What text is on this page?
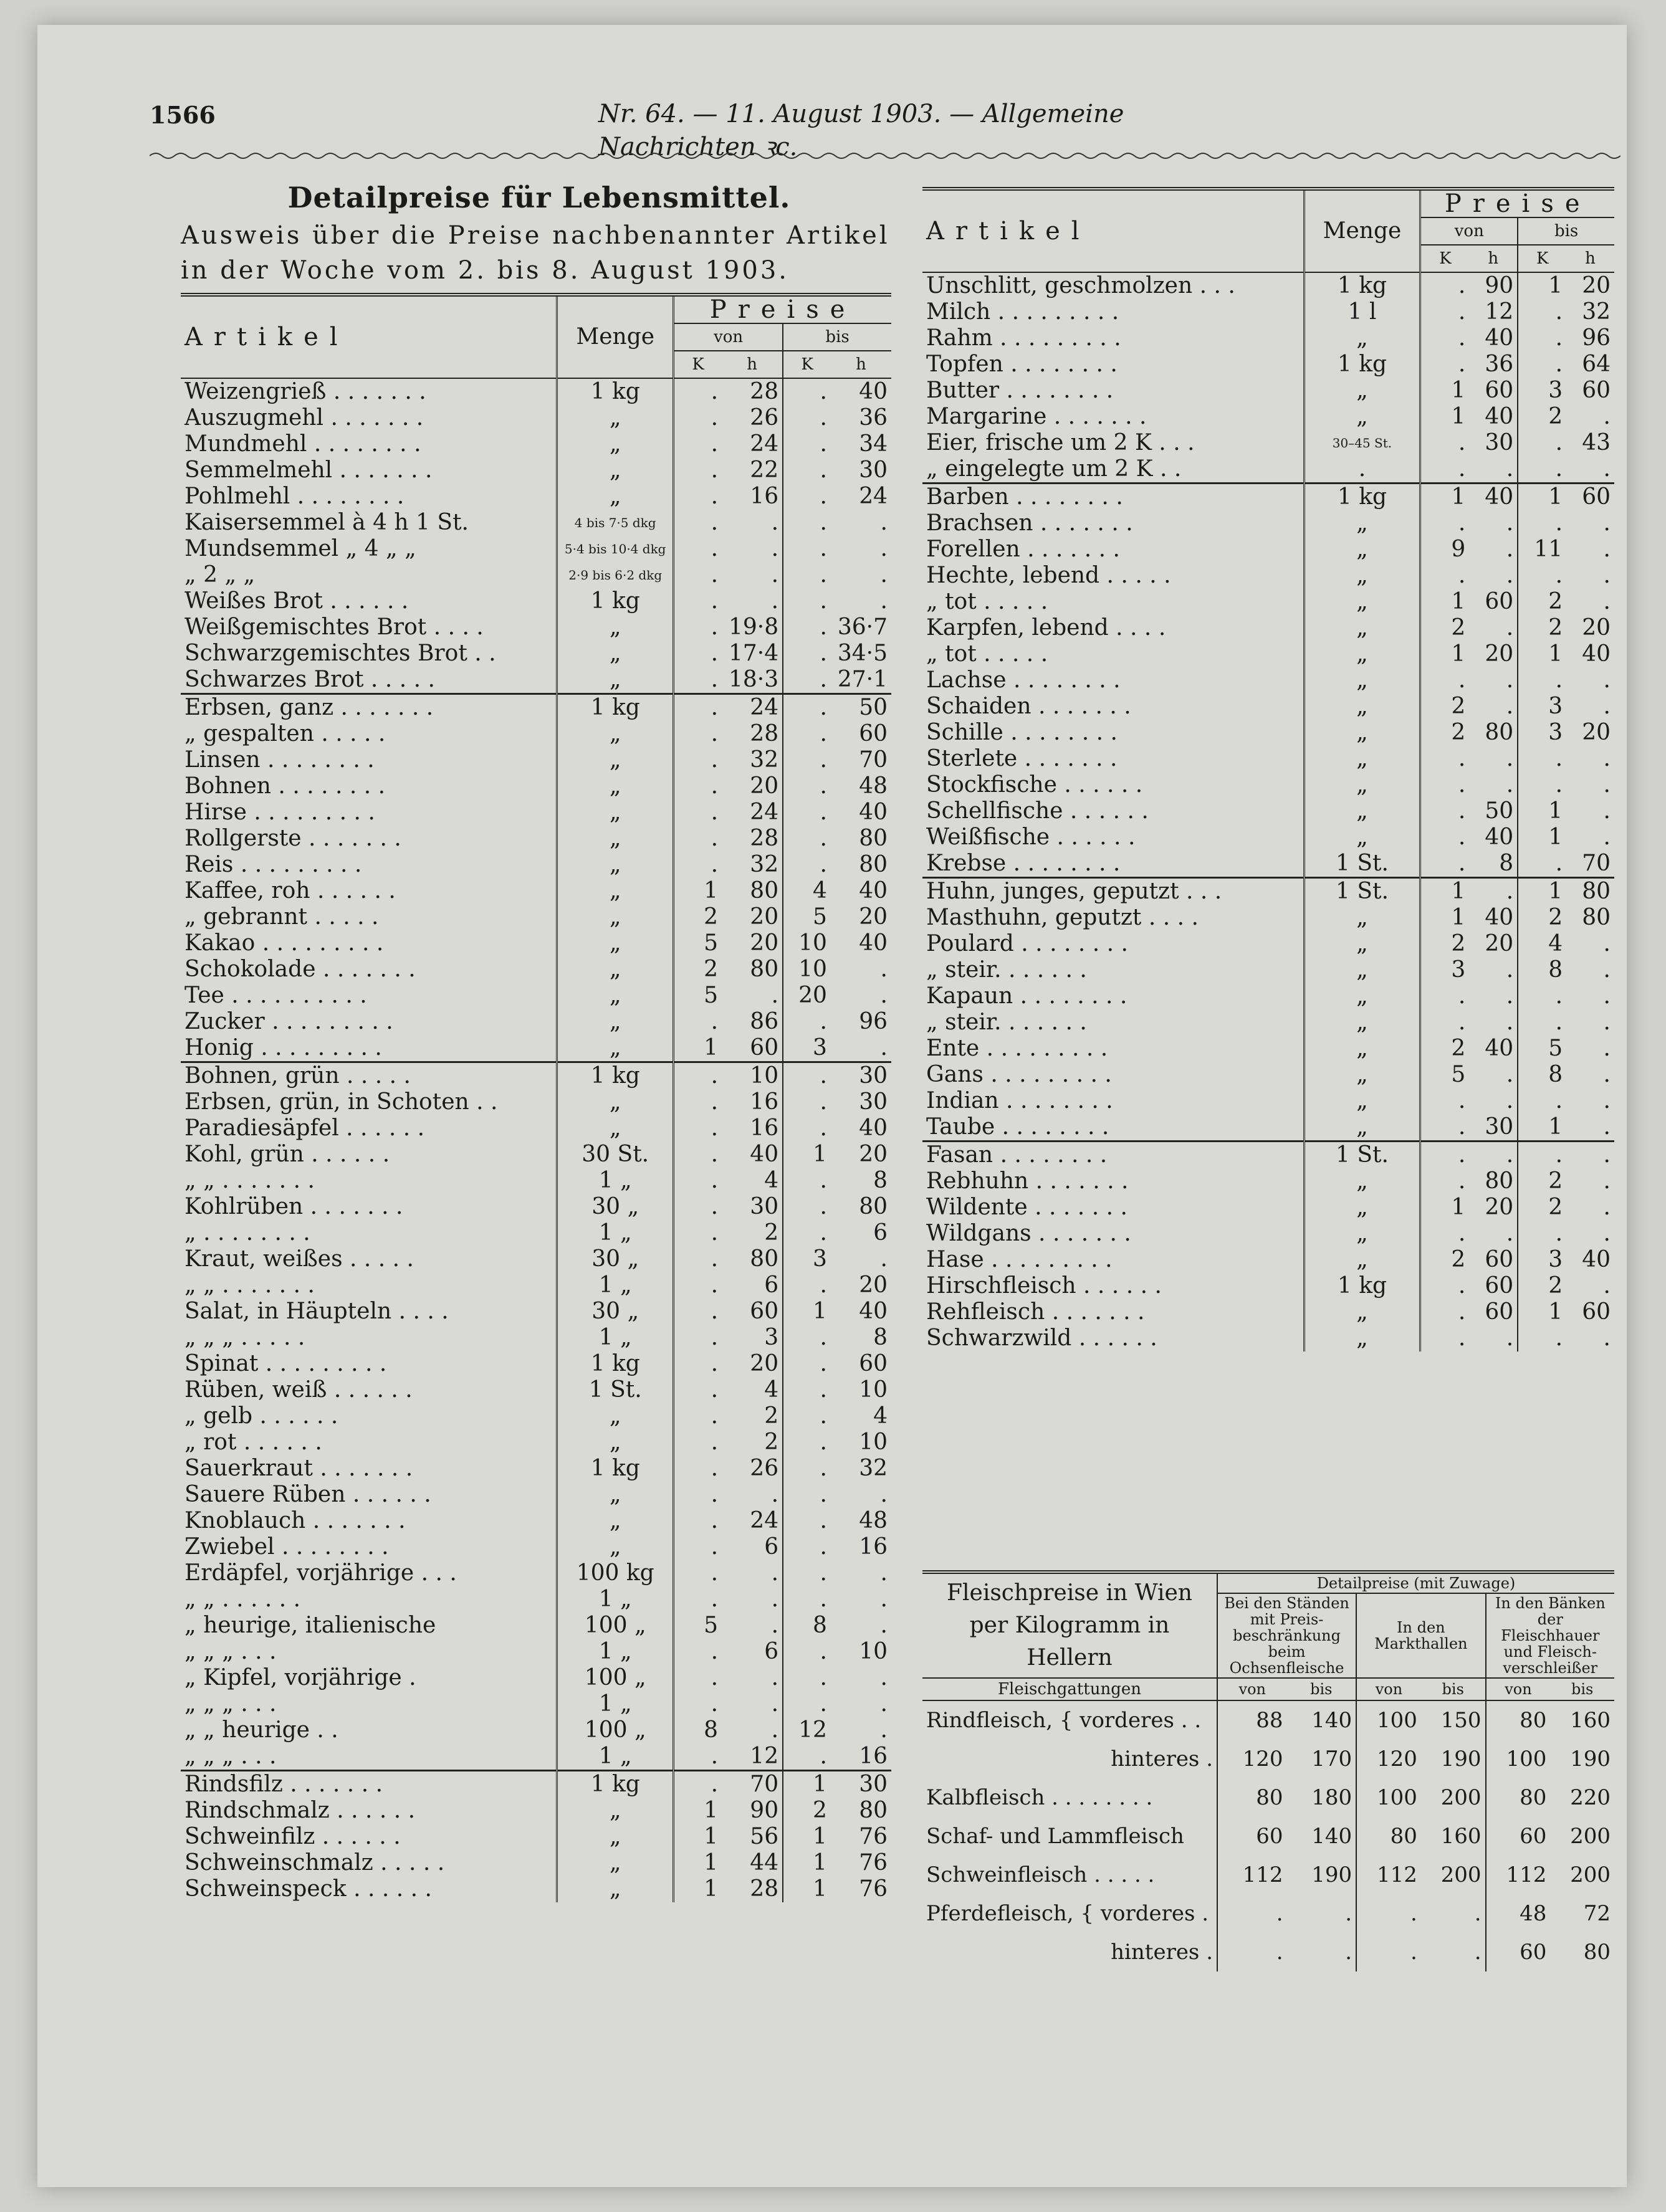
1566	Nr. 64. — 11. August 1903. — Allgemeine Nachrichten ꝛc.
Detailpreise für Lebensmittel.
Ausweis über die Preise nachbenannter Artikel in der Woche vom 2. bis 8. August 1903.
Artikel	Menge	Preise			
		von		bis	
		K	h	K	h
Weizengrieß . . . . . . .	1 kg	.	28	.	40
Auszugmehl . . . . . . .	„	.	26	.	36
Mundmehl . . . . . . . .	„	.	24	.	34
Semmelmehl . . . . . . .	„	.	22	.	30
Pohlmehl . . . . . . . .	„	.	16	.	24
Kaisersemmel à 4 h 1 St.	4 bis 7·5 dkg	.	.	.	.
Mundsemmel „ 4 „ „	5·4 bis 10·4 dkg	.	.	.	.
„ 2 „ „	2·9 bis 6·2 dkg	.	.	.	.
Weißes Brot . . . . . .	1 kg	.	.	.	.
Weißgemischtes Brot . . . .	„	.	19·8	.	36·7
Schwarzgemischtes Brot . .	„	.	17·4	.	34·5
Schwarzes Brot . . . . .	„	.	18·3	.	27·1
Erbsen, ganz . . . . . . .	1 kg	.	24	.	50
„ gespalten . . . . .	„	.	28	.	60
Linsen . . . . . . . .	„	.	32	.	70
Bohnen . . . . . . . .	„	.	20	.	48
Hirse . . . . . . . . .	„	.	24	.	40
Rollgerste . . . . . . .	„	.	28	.	80
Reis . . . . . . . . .	„	.	32	.	80
Kaffee, roh . . . . . .	„	1	80	4	40
„ gebrannt . . . . .	„	2	20	5	20
Kakao . . . . . . . . .	„	5	20	10	40
Schokolade . . . . . . .	„	2	80	10	.
Tee . . . . . . . . . .	„	5	.	20	.
Zucker . . . . . . . . .	„	.	86	.	96
Honig . . . . . . . . .	„	1	60	3	.
Bohnen, grün . . . . .	1 kg	.	10	.	30
Erbsen, grün, in Schoten . .	„	.	16	.	30
Paradiesäpfel . . . . . .	„	.	16	.	40
Kohl, grün . . . . . .	30 St.	.	40	1	20
„ „ . . . . . . .	1 „	.	4	.	8
Kohlrüben . . . . . . .	30 „	.	30	.	80
„ . . . . . . . .	1 „	.	2	.	6
Kraut, weißes . . . . .	30 „	.	80	3	.
„ „ . . . . . . .	1 „	.	6	.	20
Salat, in Häupteln . . . .	30 „	.	60	1	40
„ „ „ . . . . .	1 „	.	3	.	8
Spinat . . . . . . . . .	1 kg	.	20	.	60
Rüben, weiß . . . . . .	1 St.	.	4	.	10
„ gelb . . . . . .	„	.	2	.	4
„ rot . . . . . .	„	.	2	.	10
Sauerkraut . . . . . . .	1 kg	.	26	.	32
Sauere Rüben . . . . . .	„	.	.	.	.
Knoblauch . . . . . . .	„	.	24	.	48
Zwiebel . . . . . . . .	„	.	6	.	16
Erdäpfel, vorjährige . . .	100 kg	.	.	.	.
„ „ . . . . . .	1 „	.	.	.	.
„ heurige, italienische	100 „	5	.	8	.
„ „ „ . . .	1 „	.	6	.	10
„ Kipfel, vorjährige .	100 „	.	.	.	.
„ „ „ . . .	1 „	.	.	.	.
„ „ heurige . .	100 „	8	.	12	.
„ „ „ . . .	1 „	.	12	.	16
Rindsfilz . . . . . . .	1 kg	.	70	1	30
Rindschmalz . . . . . .	„	1	90	2	80
Schweinfilz . . . . . .	„	1	56	1	76
Schweinschmalz . . . . .	„	1	44	1	76
Schweinspeck . . . . . .	„	1	28	1	76
Artikel	Menge	Preise			
		von		bis	
		K	h	K	h
Unschlitt, geschmolzen . . .	1 kg	.	90	1	20
Milch . . . . . . . . .	1 l	.	12	.	32
Rahm . . . . . . . . .	„	.	40	.	96
Topfen . . . . . . . .	1 kg	.	36	.	64
Butter . . . . . . . .	„	1	60	3	60
Margarine . . . . . . .	„	1	40	2	.
Eier, frische um 2 K . . .	30–45 St.	.	30	.	43
„ eingelegte um 2 K . .	.	.	.	.	.
Barben . . . . . . . .	1 kg	1	40	1	60
Brachsen . . . . . . .	„	.	.	.	.
Forellen . . . . . . .	„	9	.	11	.
Hechte, lebend . . . . .	„	.	.	.	.
„ tot . . . . .	„	1	60	2	.
Karpfen, lebend . . . .	„	2	.	2	20
„ tot . . . . .	„	1	20	1	40
Lachse . . . . . . . .	„	.	.	.	.
Schaiden . . . . . . .	„	2	.	3	.
Schille . . . . . . . .	„	2	80	3	20
Sterlete . . . . . . .	„	.	.	.	.
Stockfische . . . . . .	„	.	.	.	.
Schellfische . . . . . .	„	.	50	1	.
Weißfische . . . . . .	„	.	40	1	.
Krebse . . . . . . . .	1 St.	.	8	.	70
Huhn, junges, geputzt . . .	1 St.	1	.	1	80
Masthuhn, geputzt . . . .	„	1	40	2	80
Poulard . . . . . . . .	„	2	20	4	.
„ steir. . . . . . .	„	3	.	8	.
Kapaun . . . . . . . .	„	.	.	.	.
„ steir. . . . . . .	„	.	.	.	.
Ente . . . . . . . . .	„	2	40	5	.
Gans . . . . . . . . .	„	5	.	8	.
Indian . . . . . . . .	„	.	.	.	.
Taube . . . . . . . .	„	.	30	1	.
Fasan . . . . . . . .	1 St.	.	.	.	.
Rebhuhn . . . . . . .	„	.	80	2	.
Wildente . . . . . . .	„	1	20	2	.
Wildgans . . . . . . .	„	.	.	.	.
Hase . . . . . . . . .	„	2	60	3	40
Hirschfleisch . . . . . .	1 kg	.	60	2	.
Rehfleisch . . . . . . .	„	.	60	1	60
Schwarzwild . . . . . .	„	.	.	.	.
Fleischpreise in Wien per Kilogramm in Hellern	Detailpreise (mit Zuwage)					
	Bei den Ständen mit Preis-beschränkung beim Ochsenfleische		In den Markthallen		In den Bänken der Fleischhauer und Fleisch-verschleißer	
Fleischgattungen	von	bis	von	bis	von	bis
Rindfleisch, { vorderes . .	88	140	100	150	80	160
hinteres .	120	170	120	190	100	190
Kalbfleisch . . . . . . . .	80	180	100	200	80	220
Schaf- und Lammfleisch	60	140	80	160	60	200
Schweinfleisch . . . . .	112	190	112	200	112	200
Pferdefleisch, { vorderes .	.	.	.	.	48	72
hinteres .	.	.	.	.	60	80
